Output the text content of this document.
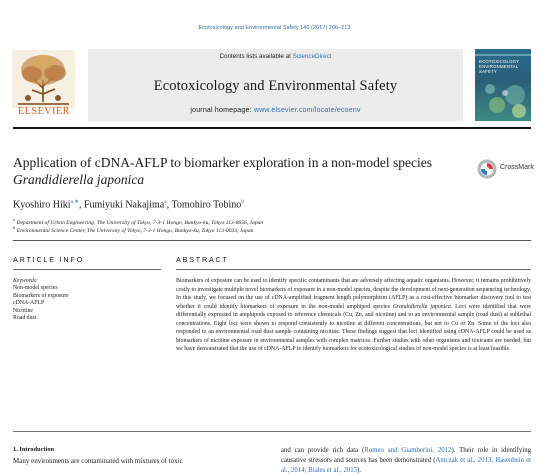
Ecotoxicology and Environmental Safety 140 (2017) 206–213
Contents lists available at ScienceDirect
Ecotoxicology and Environmental Safety
journal homepage: www.elsevier.com/locate/ecoenv
ELSEVIER
ECOTOXICOLOGY
ENVIRONMENTAL
SAFETY
Application of cDNA-AFLP to biomarker exploration in a non-model species
Grandidierella japonica
CrossMark
Kyoshiro Hiki$^{a,∗}$, Fumiyuki Nakajima$^a$, Tomohiro Tobino$^b$
$^a$ Department of Urban Engineering, The University of Tokyo, 7-3-1 Hongo, Bunkyo-ku, Tokyo 113-8656, Japan
$^b$ Environmental Science Center, The University of Tokyo, 7-3-1 Hongo, Bunkyo-ku, Tokyo 113-0033, Japan
ARTICLE INFO
Keywords:
Non-model species
Biomarkers of exposure
cDNA-AFLP
Nicotine
Road dust
ABSTRACT
Biomarkers of exposure can be used to identify specific contaminants that are adversely affecting aquatic organisms. However, it remains prohibitively costly to investigate multiple novel biomarkers of exposure in a non-model species, despite the development of next-generation sequencing technology. In this study, we focused on the use of cDNA-amplified fragment length polymorphism (AFLP) as a cost-effective biomarker discovery tool to test whether it could identify biomarkers of exposure in the non-model amphipod species Grandidierella japonica. Loci were identified that were differentially expressed in amphipods exposed to reference chemicals (Cu, Zn, and nicotine) and to an environmental sample (road dust) at sublethal concentrations. Eight loci were shown to respond consistently to nicotine at different concentrations, but not to Cu or Zn. Some of the loci also responded to an environmental road dust sample containing nicotine. These findings suggest that loci identified using cDNA-AFLP could be used as biomarkers of nicotine exposure in environmental samples with complex matrices. Further studies with other organisms and toxicants are needed, but we have demonstrated that the use of cDNA-AFLP to identify biomarkers for ecotoxicological studies of non-model species is at least feasible.
1. Introduction
Many environments are contaminated with mixtures of toxic
and can provide rich data (Romeo and Giamberini, 2012). Their role in identifying causative stressors and sources has been demonstrated (Antczak et al., 2013; Hasenbein et al., 2014; Biales et al., 2015).
